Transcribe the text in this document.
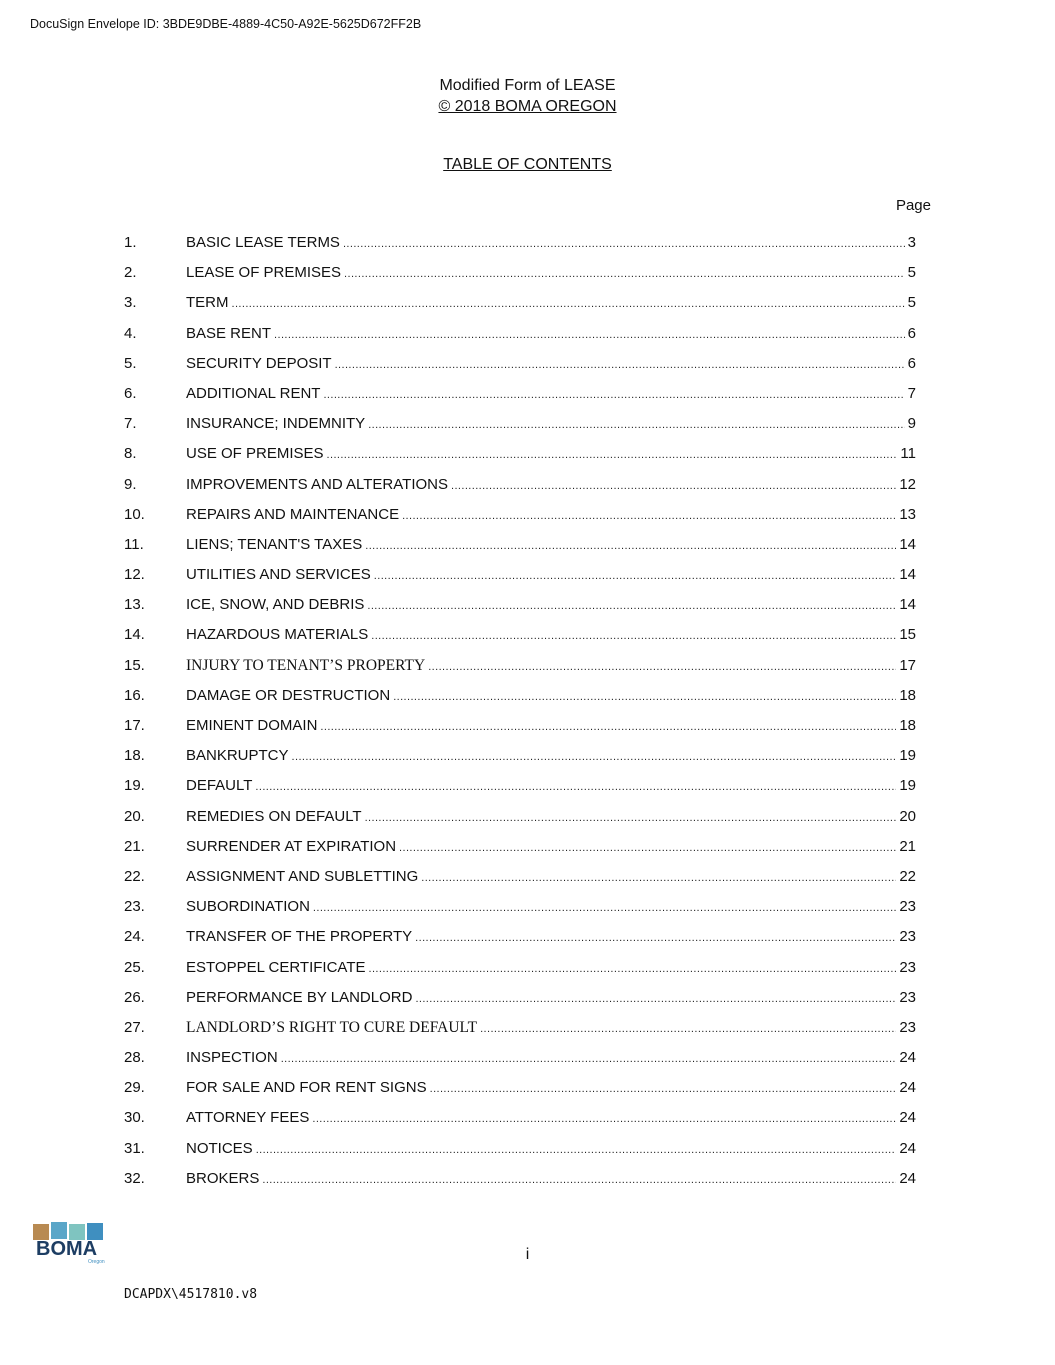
DocuSign Envelope ID: 3BDE9DBE-4889-4C50-A92E-5625D672FF2B
Modified Form of LEASE
© 2018 BOMA OREGON
TABLE OF CONTENTS
Page
1.	BASIC LEASE TERMS .....	3
2.	LEASE OF PREMISES .....	5
3.	TERM .....	5
4.	BASE RENT .....	6
5.	SECURITY DEPOSIT .....	6
6.	ADDITIONAL RENT .....	7
7.	INSURANCE; INDEMNITY .....	9
8.	USE OF PREMISES .....	11
9.	IMPROVEMENTS AND ALTERATIONS .....	12
10.	REPAIRS AND MAINTENANCE .....	13
11.	LIENS; TENANT'S TAXES .....	14
12.	UTILITIES AND SERVICES .....	14
13.	ICE, SNOW, AND DEBRIS .....	14
14.	HAZARDOUS MATERIALS .....	15
15.	INJURY TO TENANT’S PROPERTY .....	17
16.	DAMAGE OR DESTRUCTION .....	18
17.	EMINENT DOMAIN .....	18
18.	BANKRUPTCY .....	19
19.	DEFAULT .....	19
20.	REMEDIES ON DEFAULT .....	20
21.	SURRENDER AT EXPIRATION .....	21
22.	ASSIGNMENT AND SUBLETTING .....	22
23.	SUBORDINATION .....	23
24.	TRANSFER OF THE PROPERTY .....	23
25.	ESTOPPEL CERTIFICATE .....	23
26.	PERFORMANCE BY LANDLORD .....	23
27.	LANDLORD’S RIGHT TO CURE DEFAULT .....	23
28.	INSPECTION .....	24
29.	FOR SALE AND FOR RENT SIGNS .....	24
30.	ATTORNEY FEES .....	24
31.	NOTICES .....	24
32.	BROKERS .....	24
BOMA
Oregon	i
DCAPDX\4517810.v8
